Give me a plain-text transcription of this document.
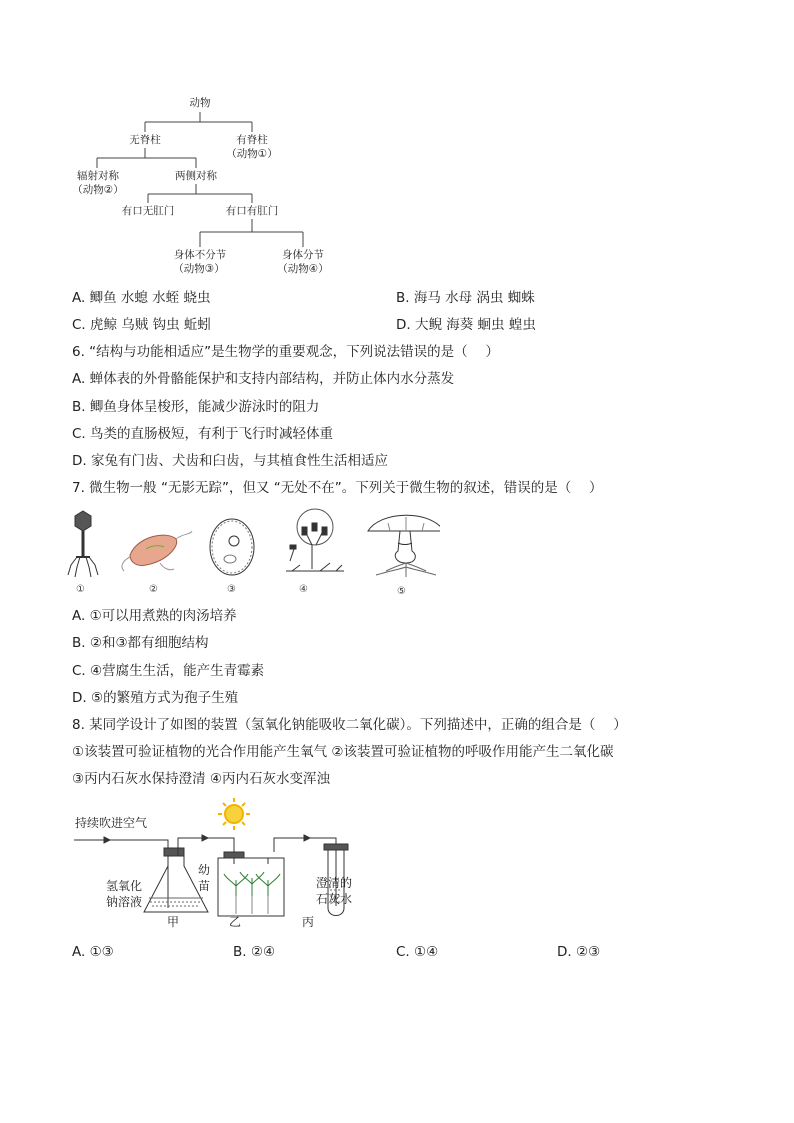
动物
无脊柱	有脊柱
（动物①）
辐射对称
（动物②）
两侧对称
有口无肛门	有口有肛门
身体不分节
（动物③）
身体分节
（动物④）
A. 鲫鱼 水螅 水蛭 蛲虫	B. 海马 水母 涡虫 蜘蛛
C. 虎鲸 乌贼 钩虫 蚯蚓	D. 大鲵 海葵 蛔虫 蝗虫
6. “结构与功能相适应”是生物学的重要观念，下列说法错误的是（　 ）
A. 蝉体表的外骨骼能保护和支持内部结构，并防止体内水分蒸发
B. 鲫鱼身体呈梭形，能减少游泳时的阻力
C. 鸟类的直肠极短，有利于飞行时减轻体重
D. 家兔有门齿、犬齿和臼齿，与其植食性生活相适应
7. 微生物一般 “无影无踪”，但又 “无处不在”。下列关于微生物的叙述，错误的是（　 ）
①	②	③	④	⑤
A. ①可以用煮熟的肉汤培养
B. ②和③都有细胞结构
C. ④营腐生生活，能产生青霉素
D. ⑤的繁殖方式为孢子生殖
8. 某同学设计了如图的装置（氢氧化钠能吸收二氧化碳）。下列描述中，正确的组合是（　 ）
①该装置可验证植物的光合作用能产生氧气 ②该装置可验证植物的呼吸作用能产生二氧化碳
③丙内石灰水保持澄清 ④丙内石灰水变浑浊
持续吹进空气
氢氧化
钠溶液
幼
苗	澄清的
石灰水
甲	乙	丙
A. ①③	B. ②④	C. ①④	D. ②③
